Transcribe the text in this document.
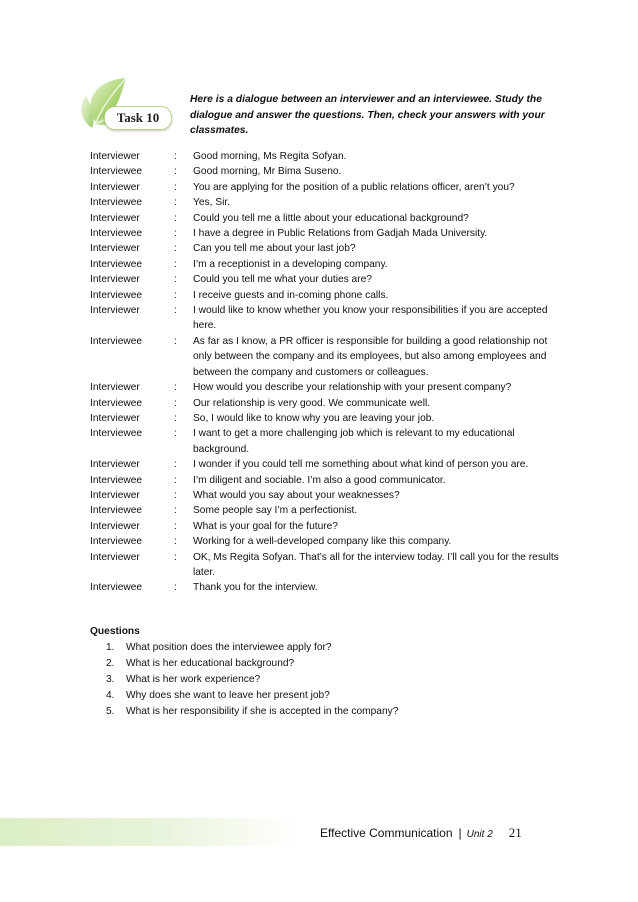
Task 10
Here is a dialogue between an interviewer and an interviewee. Study the dialogue and answer the questions. Then, check your answers with your classmates.
Interviewer	:	Good morning, Ms Regita Sofyan.
Interviewee	:	Good morning, Mr Bima Suseno.
Interviewer	:	You are applying for the position of a public relations officer, aren’t you?
Interviewee	:	Yes, Sir.
Interviewer	:	Could you tell me a little about your educational background?
Interviewee	:	I have a degree in Public Relations from Gadjah Mada University.
Interviewer	:	Can you tell me about your last job?
Interviewee	:	I’m a receptionist in a developing company.
Interviewer	:	Could you tell me what your duties are?
Interviewee	:	I receive guests and in-coming phone calls.
Interviewer	:	I would like to know whether you know your responsibilities if you are accepted here.
Interviewee	:	As far as I know, a PR officer is responsible for building a good relationship not only between the company and its employees, but also among employees and between the company and customers or colleagues.
Interviewer	:	How would you describe your relationship with your present company?
Interviewee	:	Our relationship is very good. We communicate well.
Interviewer	:	So, I would like to know why you are leaving your job.
Interviewee	:	I want to get a more challenging job which is relevant to my educational background.
Interviewer	:	I wonder if you could tell me something about what kind of person you are.
Interviewee	:	I’m diligent and sociable. I’m also a good communicator.
Interviewer	:	What would you say about your weaknesses?
Interviewee	:	Some people say I’m a perfectionist.
Interviewer	:	What is your goal for the future?
Interviewee	:	Working for a well-developed company like this company.
Interviewer	:	OK, Ms Regita Sofyan. That’s all for the interview today. I’ll call you for the results later.
Interviewee	:	Thank you for the interview.
Questions
1.	What position does the interviewee apply for?
2.	What is her educational background?
3.	What is her work experience?
4.	Why does she want to leave her present job?
5.	What is her responsibility if she is accepted in the company?
Effective Communication | Unit 2 21
